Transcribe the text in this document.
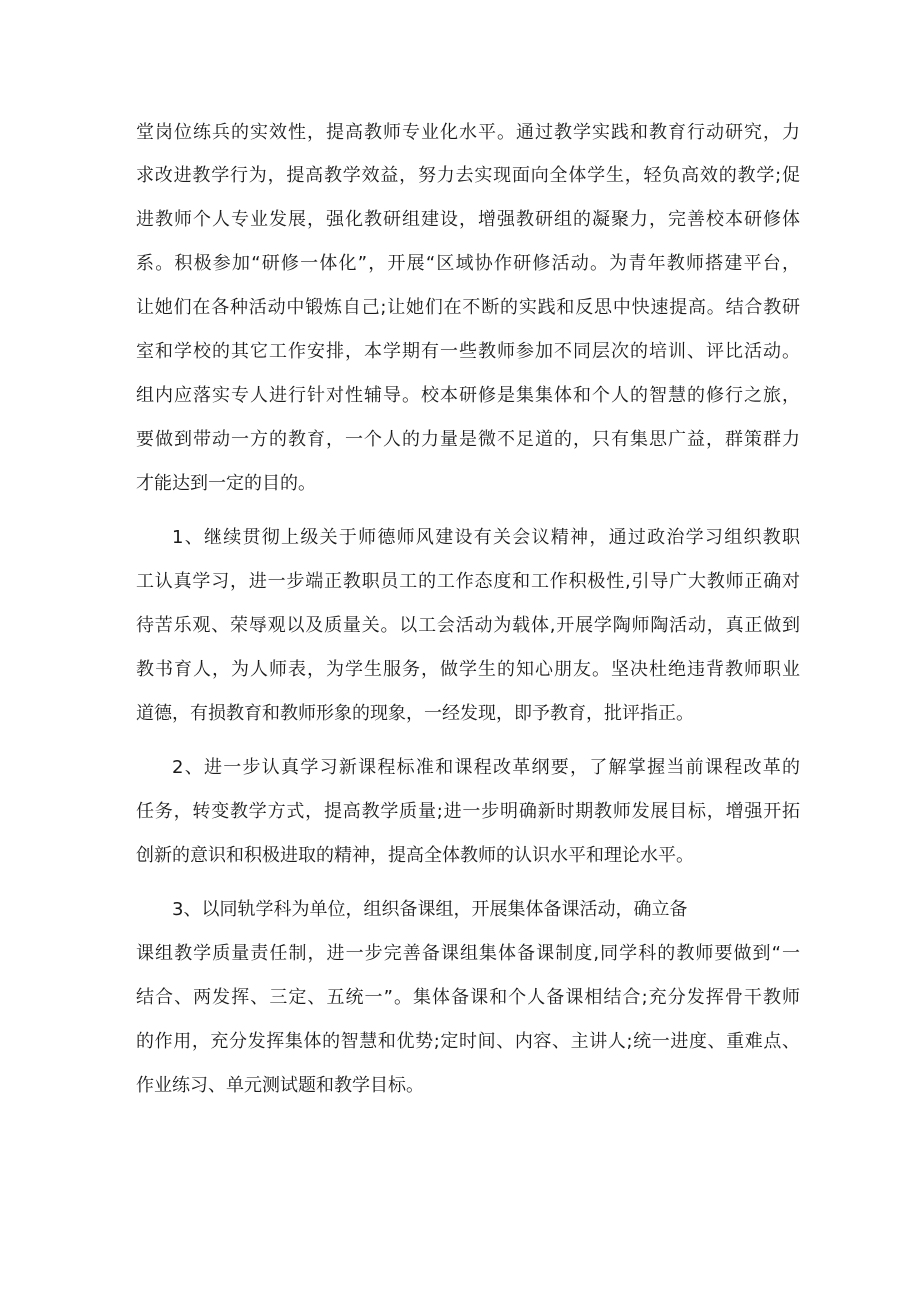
堂岗位练兵的实效性，提高教师专业化水平。通过教学实践和教育行动研究，力

求改进教学行为，提高教学效益，努力去实现面向全体学生，轻负高效的教学;促

进教师个人专业发展，强化教研组建设，增强教研组的凝聚力，完善校本研修体

系。积极参加“研修一体化”，开展“区域协作研修活动。为青年教师搭建平台，

让她们在各种活动中锻炼自己;让她们在不断的实践和反思中快速提高。结合教研

室和学校的其它工作安排，本学期有一些教师参加不同层次的培训、评比活动。

组内应落实专人进行针对性辅导。校本研修是集集体和个人的智慧的修行之旅，

要做到带动一方的教育，一个人的力量是微不足道的，只有集思广益，群策群力

才能达到一定的目的。

1、继续贯彻上级关于师德师风建设有关会议精神，通过政治学习组织教职

工认真学习，进一步端正教职员工的工作态度和工作积极性,引导广大教师正确对

待苦乐观、荣辱观以及质量关。以工会活动为载体,开展学陶师陶活动，真正做到

教书育人，为人师表，为学生服务，做学生的知心朋友。坚决杜绝违背教师职业

道德，有损教育和教师形象的现象，一经发现，即予教育，批评指正。

2、进一步认真学习新课程标准和课程改革纲要，了解掌握当前课程改革的

任务，转变教学方式，提高教学质量;进一步明确新时期教师发展目标，增强开拓

创新的意识和积极进取的精神，提高全体教师的认识水平和理论水平。

3、以同轨学科为单位，组织备课组，开展集体备课活动，确立备

课组教学质量责任制，进一步完善备课组集体备课制度,同学科的教师要做到“一

结合、两发挥、三定、五统一”。集体备课和个人备课相结合;充分发挥骨干教师

的作用，充分发挥集体的智慧和优势;定时间、内容、主讲人;统一进度、重难点、

作业练习、单元测试题和教学目标。
